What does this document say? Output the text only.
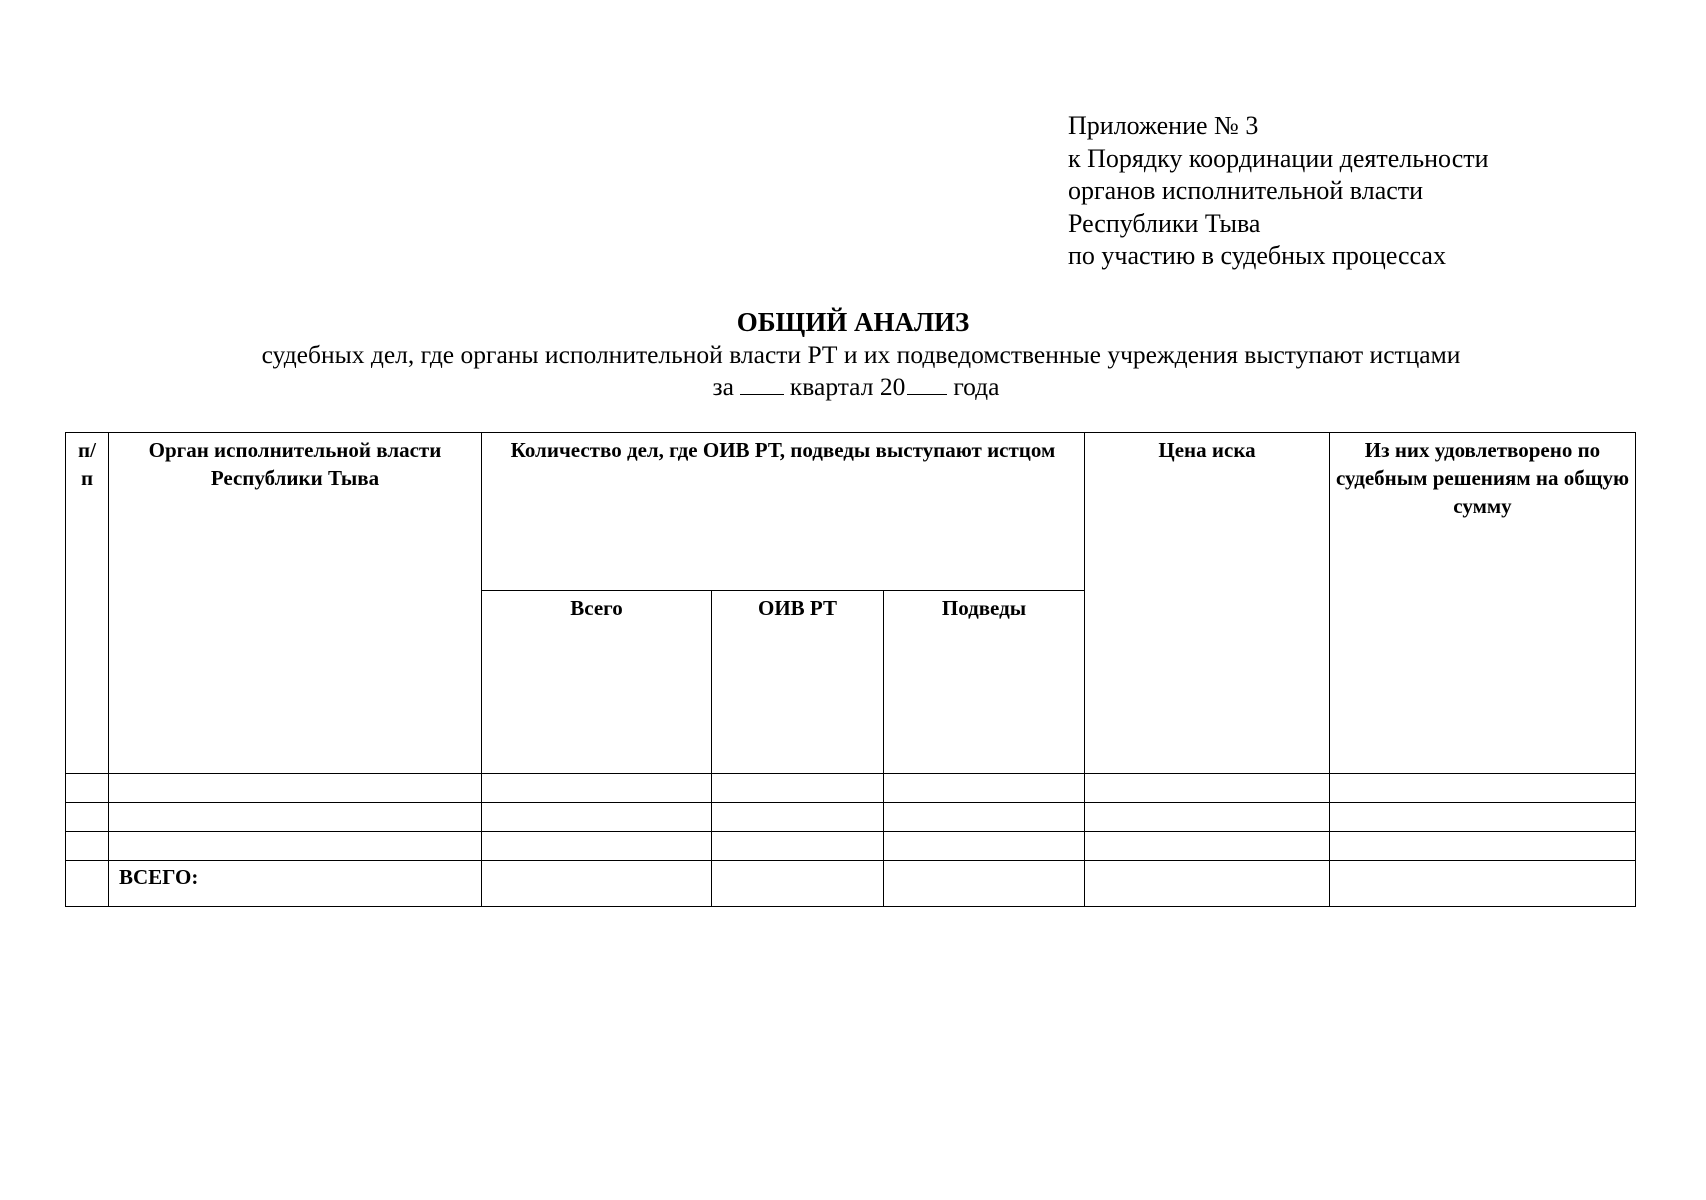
Приложение № 3
к Порядку координации деятельности
органов исполнительной власти
Республики Тыва
по участию в судебных процессах
ОБЩИЙ АНАЛИЗ
судебных дел, где органы исполнительной власти РТ и их подведомственные учреждения выступают истцами
за квартал 20 года
п/п	Орган исполнительной власти Республики Тыва	Количество дел, где ОИВ РТ, подведы выступают истцом			Цена иска	Из них удовлетворено по судебным решениям на общую сумму
		Всего	ОИВ РТ	Подведы		

	ВСЕГО:					
